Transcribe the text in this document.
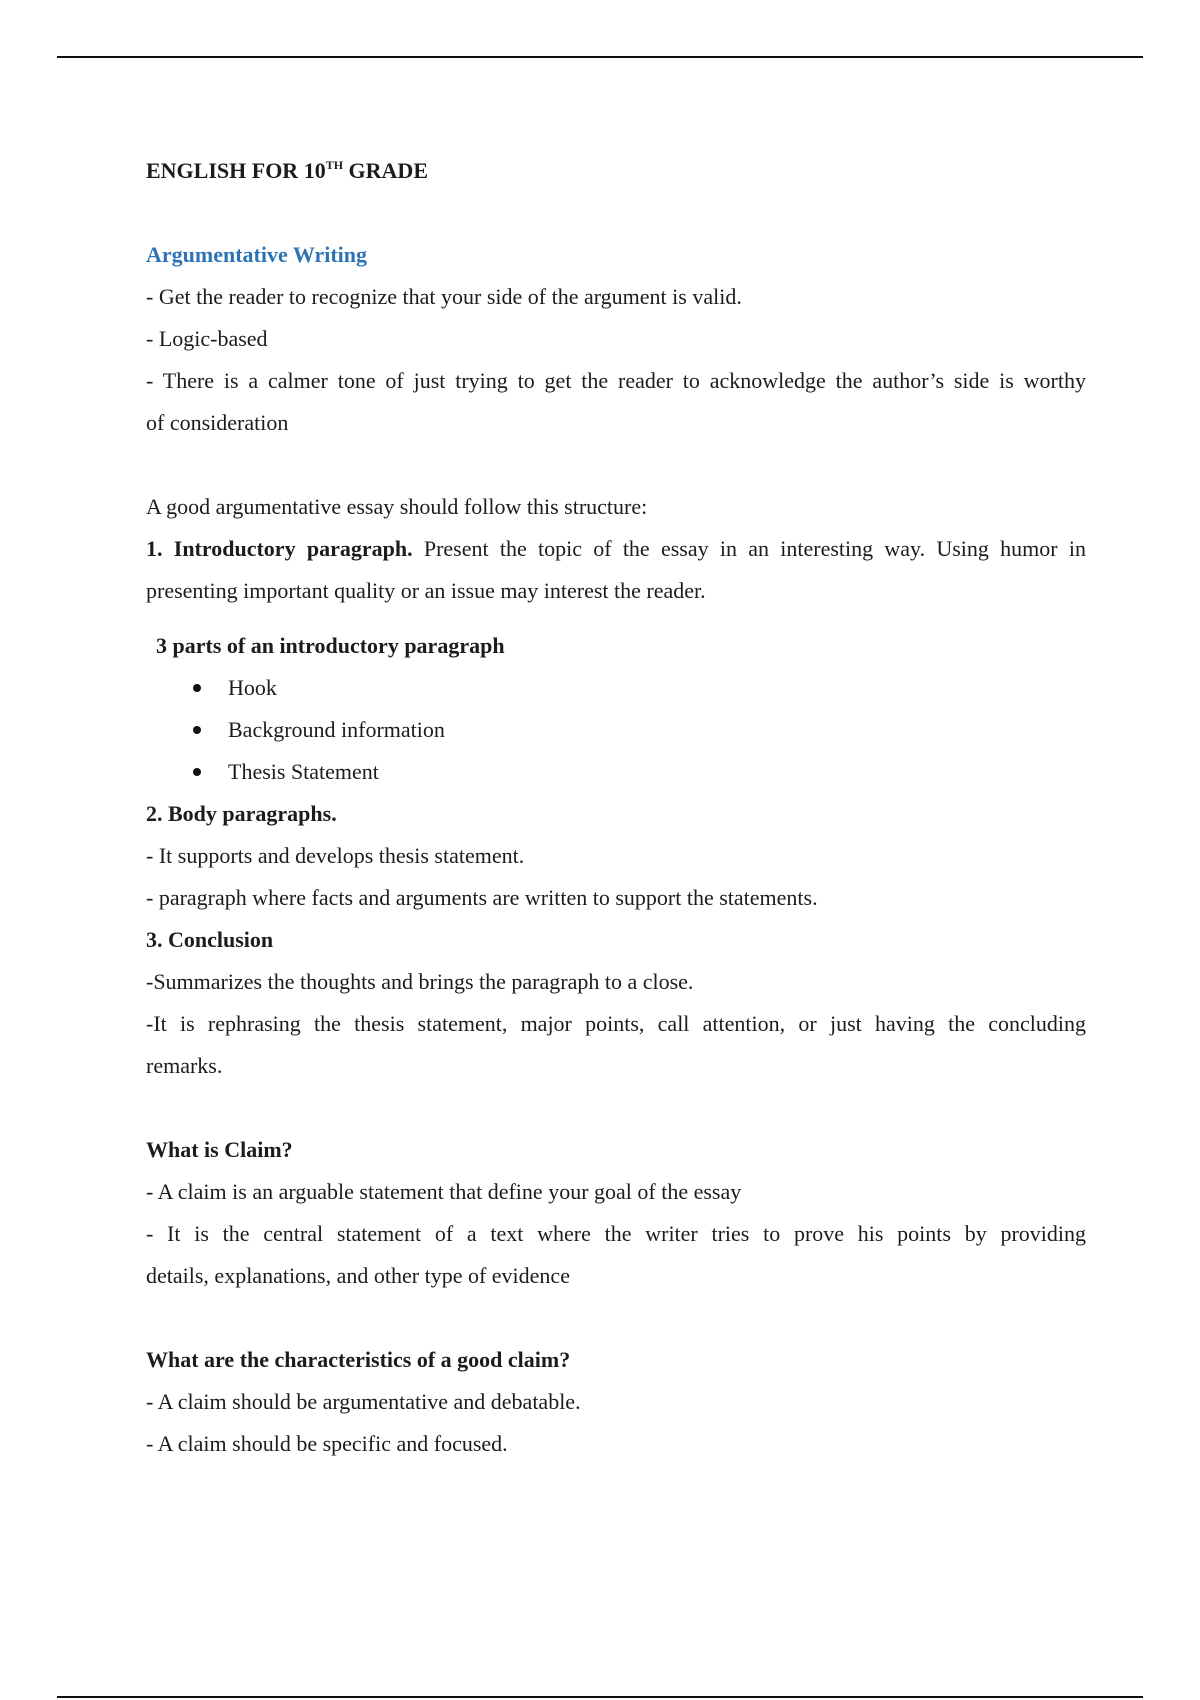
ENGLISH FOR 10TH GRADE

Argumentative Writing

- Get the reader to recognize that your side of the argument is valid.

- Logic-based

- There is a calmer tone of just trying to get the reader to acknowledge the author’s side is worthy

of consideration

A good argumentative essay should follow this structure:

1. Introductory paragraph. Present the topic of the essay in an interesting way. Using humor in

presenting important quality or an issue may interest the reader.

3 parts of an introductory paragraph

Hook
Background information
Thesis Statement

2. Body paragraphs.

- It supports and develops thesis statement.

- paragraph where facts and arguments are written to support the statements.

3. Conclusion

-Summarizes the thoughts and brings the paragraph to a close.

-It is rephrasing the thesis statement, major points, call attention, or just having the concluding

remarks.

What is Claim?

- A claim is an arguable statement that define your goal of the essay

- It is the central statement of a text where the writer tries to prove his points by providing

details, explanations, and other type of evidence

What are the characteristics of a good claim?

- A claim should be argumentative and debatable.

- A claim should be specific and focused.
